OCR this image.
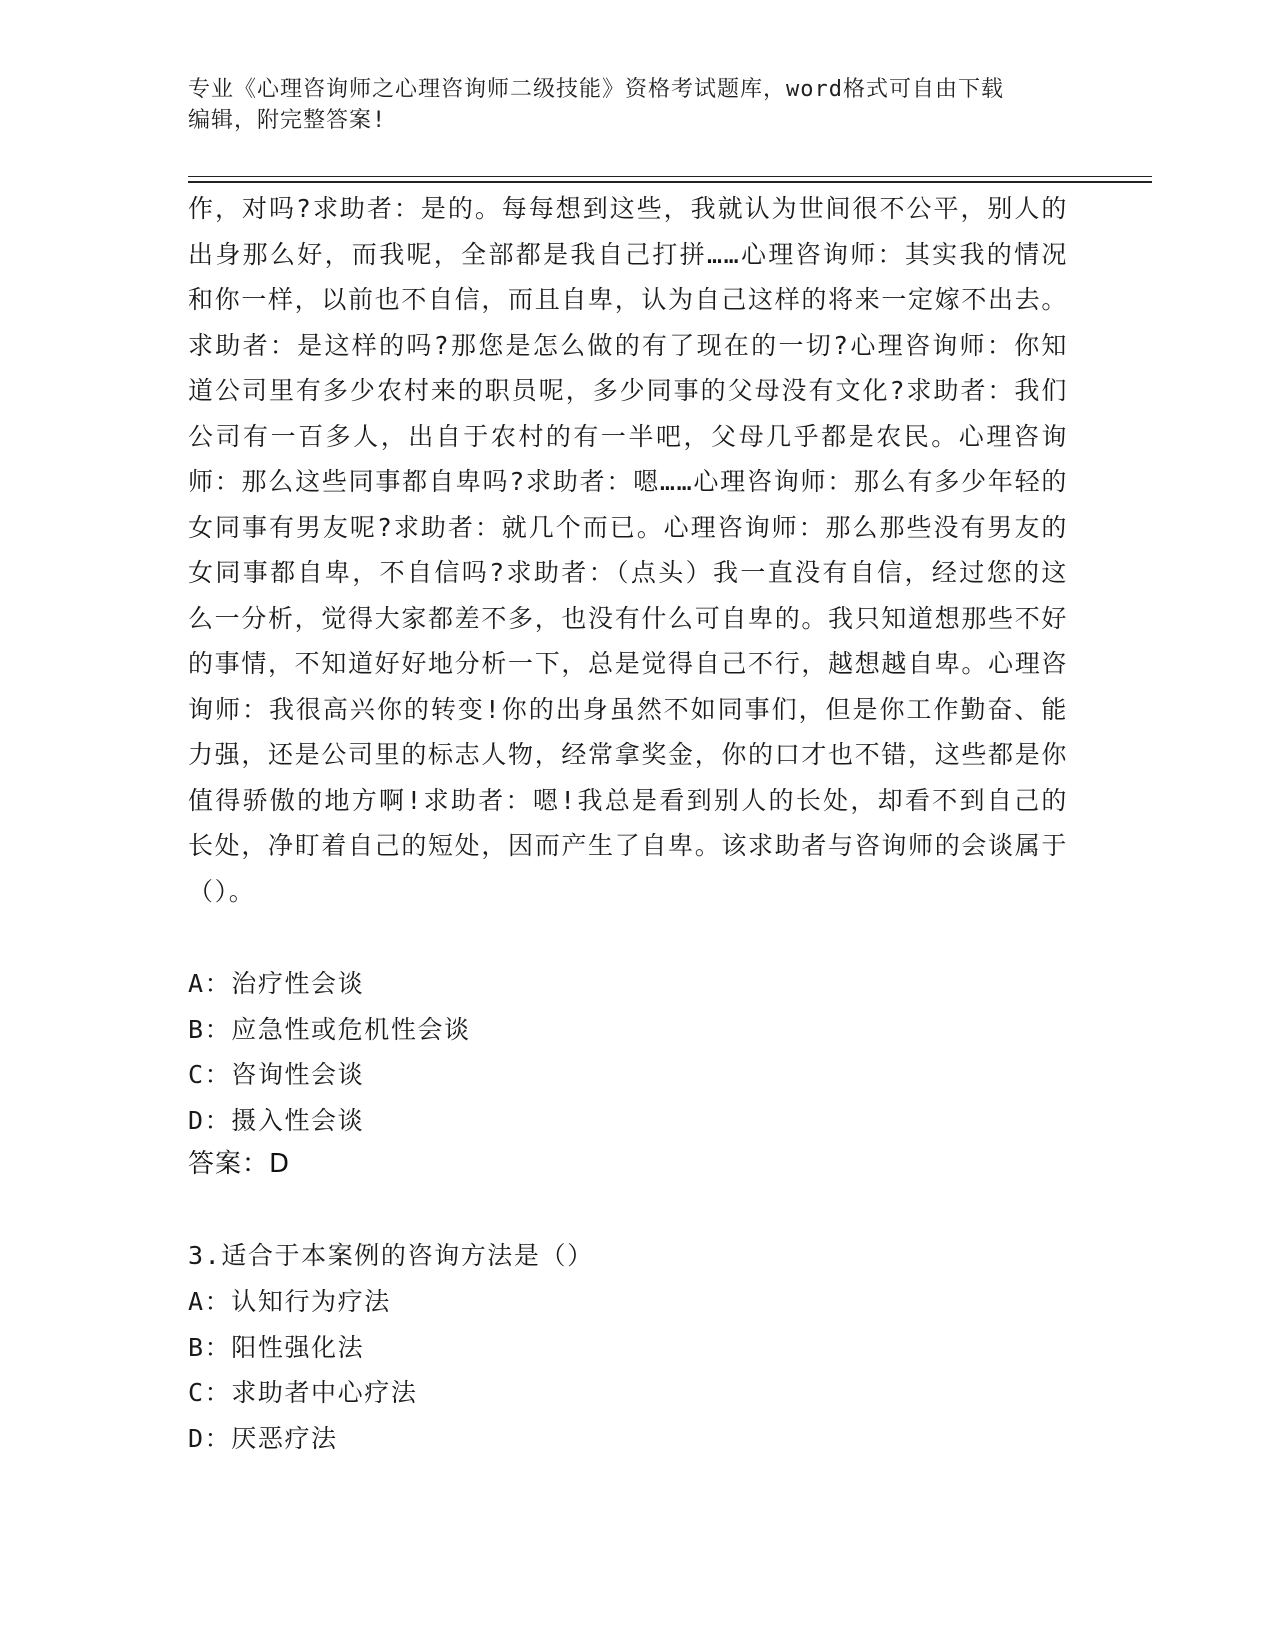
专业《心理咨询师之心理咨询师二级技能》资格考试题库，word格式可自由下载
编辑，附完整答案!
作，对吗?求助者：是的。每每想到这些，我就认为世间很不公平，别人的出身那么好，而我呢，全部都是我自己打拼……心理咨询师：其实我的情况和你一样，以前也不自信，而且自卑，认为自己这样的将来一定嫁不出去。求助者：是这样的吗?那您是怎么做的有了现在的一切?心理咨询师：你知道公司里有多少农村来的职员呢，多少同事的父母没有文化?求助者：我们公司有一百多人，出自于农村的有一半吧，父母几乎都是农民。心理咨询师：那么这些同事都自卑吗?求助者：嗯……心理咨询师：那么有多少年轻的女同事有男友呢?求助者：就几个而已。心理咨询师：那么那些没有男友的女同事都自卑，不自信吗?求助者：（点头）我一直没有自信，经过您的这么一分析，觉得大家都差不多，也没有什么可自卑的。我只知道想那些不好的事情，不知道好好地分析一下，总是觉得自己不行，越想越自卑。心理咨询师：我很高兴你的转变!你的出身虽然不如同事们，但是你工作勤奋、能力强，还是公司里的标志人物，经常拿奖金，你的口才也不错，这些都是你值得骄傲的地方啊!求助者：嗯!我总是看到别人的长处，却看不到自己的长处，净盯着自己的短处，因而产生了自卑。该求助者与咨询师的会谈属于（）。
A：治疗性会谈
B：应急性或危机性会谈
C：咨询性会谈
D：摄入性会谈
答案：D
3.适合于本案例的咨询方法是（）
A：认知行为疗法
B：阳性强化法
C：求助者中心疗法
D：厌恶疗法
